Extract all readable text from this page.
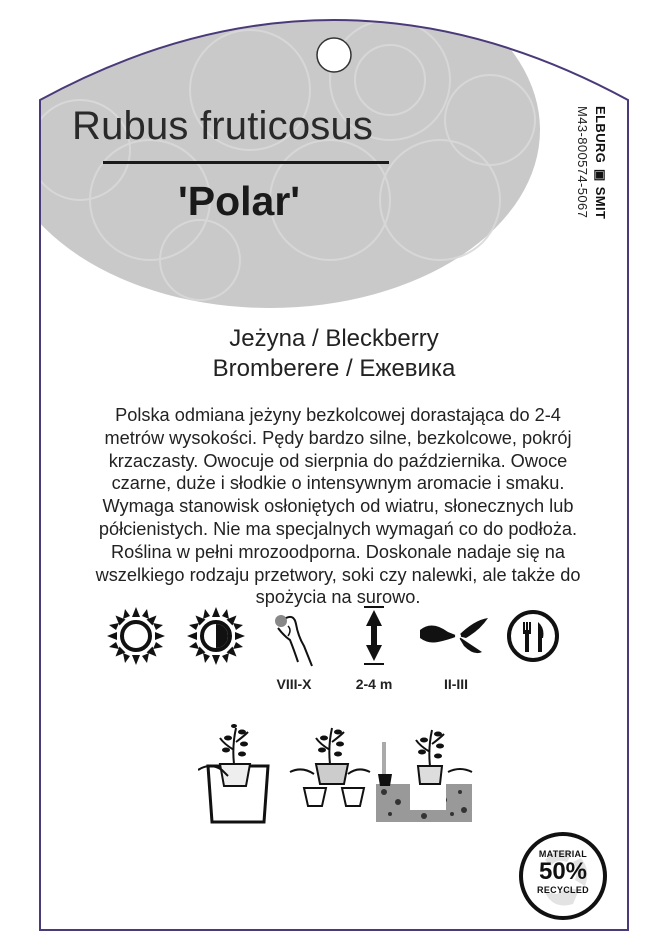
Rubus fruticosus
'Polar'	ELBURG ▣ SMIT
M43-800574-5067
Jeżyna / Bleckberry
Bromberere / Ежевика
Polska odmiana jeżyny bezkolcowej dorastająca do 2-4
metrów wysokości. Pędy bardzo silne, bezkolcowe, pokrój
krzaczasty. Owocuje od sierpnia do października. Owoce
czarne, duże i słodkie o intensywnym aromacie i smaku.
Wymaga stanowisk osłoniętych od wiatru, słonecznych lub
półcienistych. Nie ma specjalnych wymagań co do podłoża.
Roślina w pełni mrozoodporna. Doskonale nadaje się na
wszelkiego rodzaju przetwory, soki czy nalewki, ale także do
spożycia na surowo.
VIII-X	2-4 m	II-III
MATERIAL
50%
RECYCLED
